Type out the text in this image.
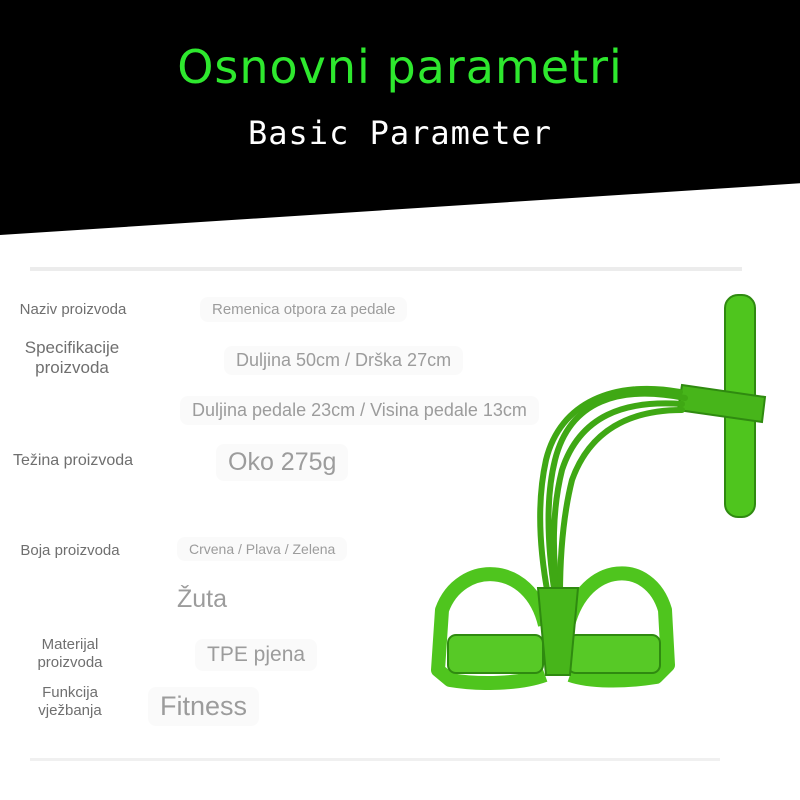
Osnovni parametri
Basic Parameter
Naziv proizvoda	Remenica otpora za pedale
Specifikacije proizvoda	Duljina 50cm / Drška 27cm
Duljina pedale 23cm / Visina pedale 13cm
Težina proizvoda	Oko 275g
Boja proizvoda	Crvena / Plava / Zelena
Žuta
Materijal proizvoda	TPE pjena
Funkcija vježbanja	Fitness
